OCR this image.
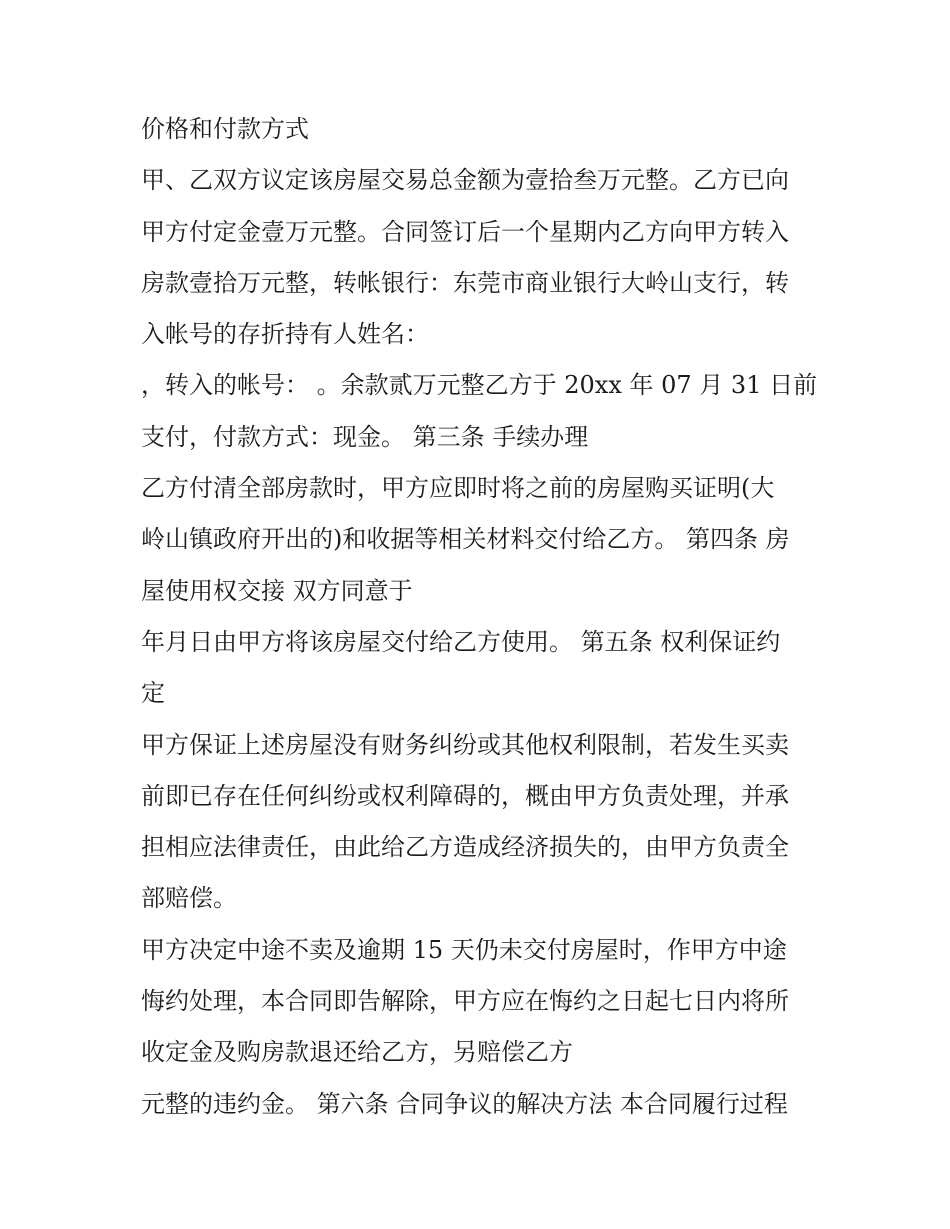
价格和付款方式
甲、乙双方议定该房屋交易总金额为壹拾叁万元整。乙方已向
甲方付定金壹万元整。合同签订后一个星期内乙方向甲方转入
房款壹拾万元整，转帐银行：东莞市商业银行大岭山支行，转
入帐号的存折持有人姓名：
，转入的帐号： 。余款贰万元整乙方于 20xx 年 07 月 31 日前
支付，付款方式：现金。 第三条 手续办理
乙方付清全部房款时，甲方应即时将之前的房屋购买证明(大
岭山镇政府开出的)和收据等相关材料交付给乙方。 第四条 房
屋使用权交接 双方同意于
年月日由甲方将该房屋交付给乙方使用。 第五条 权利保证约
定
甲方保证上述房屋没有财务纠纷或其他权利限制，若发生买卖
前即已存在任何纠纷或权利障碍的，概由甲方负责处理，并承
担相应法律责任，由此给乙方造成经济损失的，由甲方负责全
部赔偿。
甲方决定中途不卖及逾期 15 天仍未交付房屋时，作甲方中途
悔约处理，本合同即告解除，甲方应在悔约之日起七日内将所
收定金及购房款退还给乙方，另赔偿乙方
元整的违约金。 第六条 合同争议的解决方法 本合同履行过程
